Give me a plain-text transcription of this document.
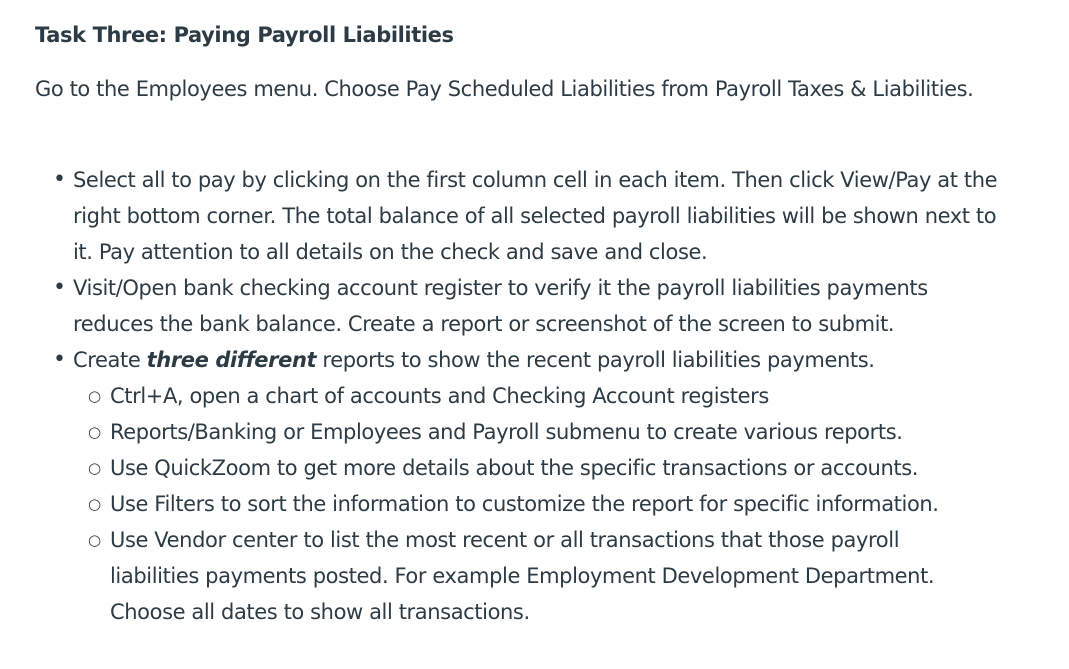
Task Three: Paying Payroll Liabilities

Go to the Employees menu. Choose Pay Scheduled Liabilities from Payroll Taxes & Liabilities.

• Select all to pay by clicking on the first column cell in each item. Then click View/Pay at the right bottom corner. The total balance of all selected payroll liabilities will be shown next to it. Pay attention to all details on the check and save and close.
• Visit/Open bank checking account register to verify it the payroll liabilities payments reduces the bank balance. Create a report or screenshot of the screen to submit.
• Create three different reports to show the recent payroll liabilities payments.
○ Ctrl+A, open a chart of accounts and Checking Account registers
○ Reports/Banking or Employees and Payroll submenu to create various reports.
○ Use QuickZoom to get more details about the specific transactions or accounts.
○ Use Filters to sort the information to customize the report for specific information.
○ Use Vendor center to list the most recent or all transactions that those payroll liabilities payments posted. For example Employment Development Department. Choose all dates to show all transactions.
